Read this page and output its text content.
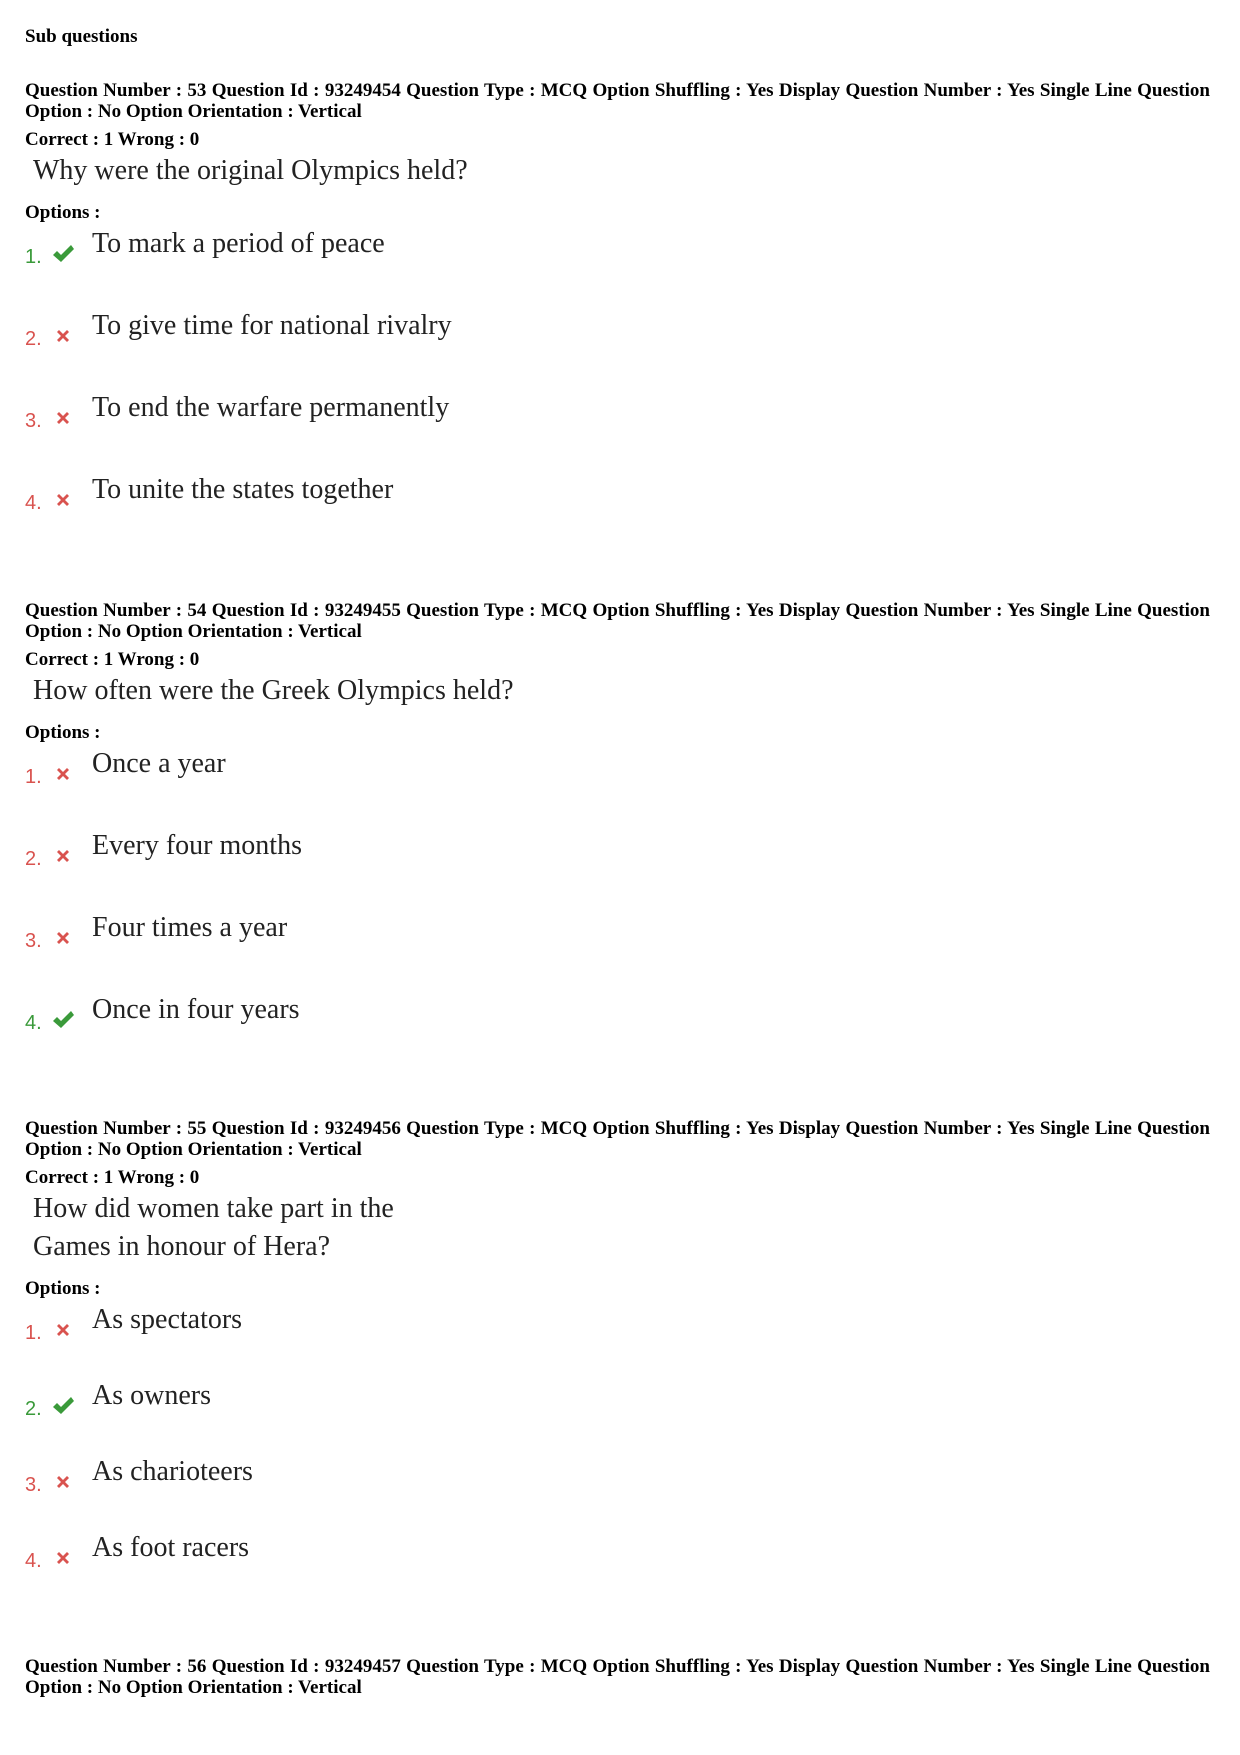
Sub questions
Question Number : 53 Question Id : 93249454 Question Type : MCQ Option Shuffling : Yes Display Question Number : Yes Single Line Question Option : No Option Orientation : Vertical
Correct : 1 Wrong : 0
Why were the original Olympics held?
Options :
1. To mark a period of peace
2. To give time for national rivalry
3. To end the warfare permanently
4. To unite the states together
Question Number : 54 Question Id : 93249455 Question Type : MCQ Option Shuffling : Yes Display Question Number : Yes Single Line Question Option : No Option Orientation : Vertical
Correct : 1 Wrong : 0
How often were the Greek Olympics held?
Options :
1. Once a year
2. Every four months
3. Four times a year
4. Once in four years
Question Number : 55 Question Id : 93249456 Question Type : MCQ Option Shuffling : Yes Display Question Number : Yes Single Line Question Option : No Option Orientation : Vertical
Correct : 1 Wrong : 0
How did women take part in the
Games in honour of Hera?
Options :
1. As spectators
2. As owners
3. As charioteers
4. As foot racers
Question Number : 56 Question Id : 93249457 Question Type : MCQ Option Shuffling : Yes Display Question Number : Yes Single Line Question Option : No Option Orientation : Vertical
